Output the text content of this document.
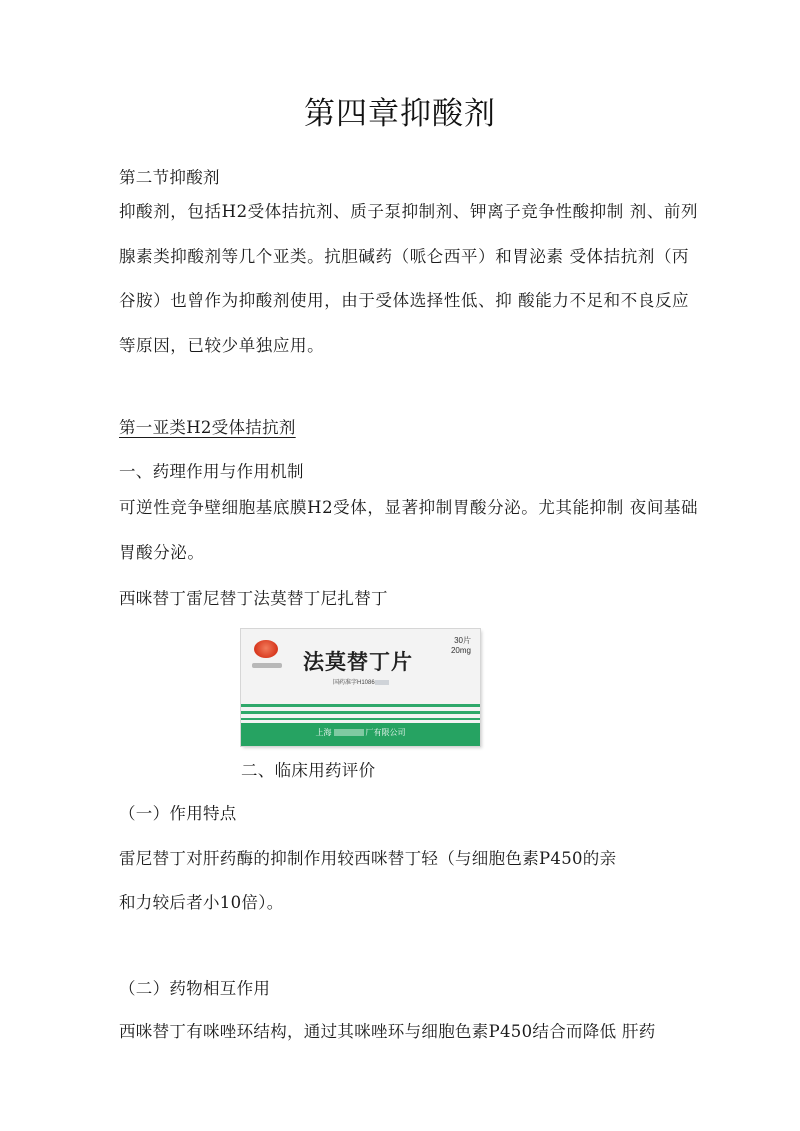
第四章抑酸剂
第二节抑酸剂
抑酸剂，包括H2受体拮抗剂、质子泵抑制剂、钾离子竞争性酸抑制 剂、前列腺素类抑酸剂等几个亚类。抗胆碱药（哌仑西平）和胃泌素 受体拮抗剂（丙谷胺）也曾作为抑酸剂使用，由于受体选择性低、抑 酸能力不足和不良反应等原因，已较少单独应用。
第一亚类H2受体拮抗剂
一、药理作用与作用机制
可逆性竞争壁细胞基底膜H2受体，显著抑制胃酸分泌。尤其能抑制 夜间基础胃酸分泌。
西咪替丁雷尼替丁法莫替丁尼扎替丁
法莫替丁片
30片
20mg
国药准字H1086
上海	厂有限公司
二、临床用药评价
（一）作用特点
雷尼替丁对肝药酶的抑制作用较西咪替丁轻（与细胞色素P450的亲
和力较后者小10倍）。
（二）药物相互作用
西咪替丁有咪唑环结构，通过其咪唑环与细胞色素P450结合而降低 肝药
